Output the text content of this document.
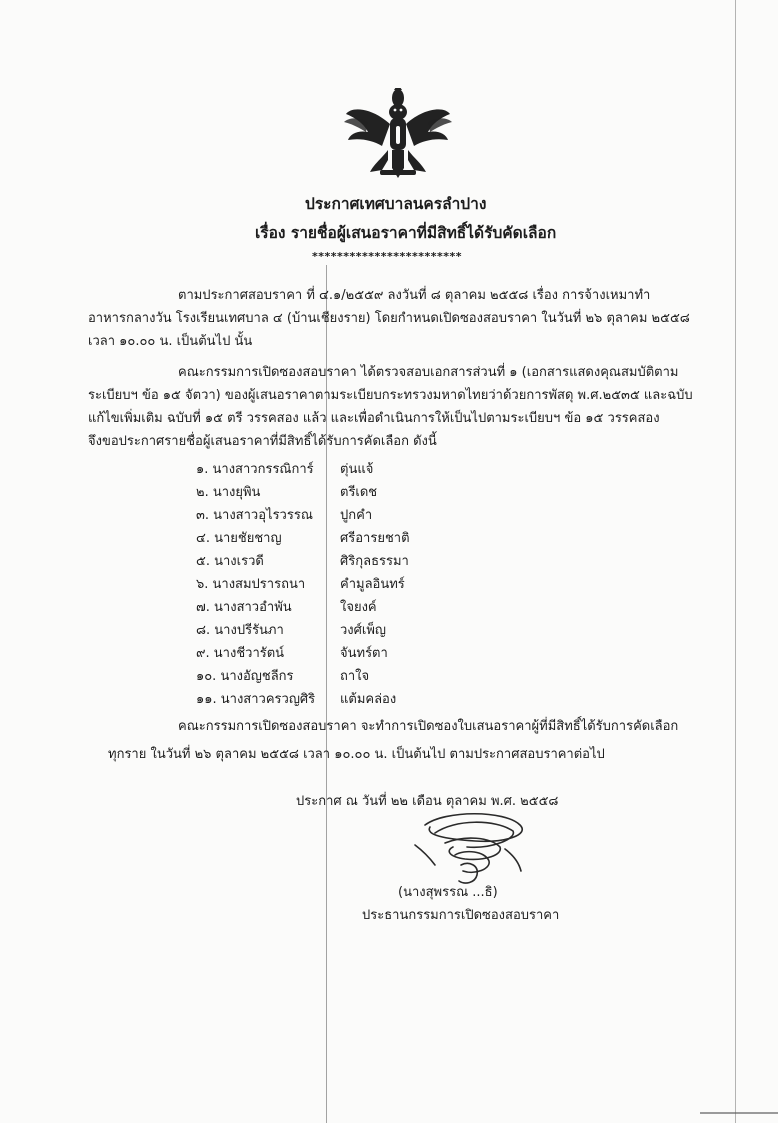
ประกาศเทศบาลนครลำปาง
เรื่อง รายชื่อผู้เสนอราคาที่มีสิทธิ์ได้รับคัดเลือก
************************
ตามประกาศสอบราคา ที่ ๔.๑/๒๕๕๙ ลงวันที่ ๘ ตุลาคม ๒๕๕๘ เรื่อง การจ้างเหมาทำ
อาหารกลางวัน โรงเรียนเทศบาล ๔ (บ้านเชียงราย) โดยกำหนดเปิดซองสอบราคา ในวันที่ ๒๖ ตุลาคม ๒๕๕๘
เวลา ๑๐.๐๐ น. เป็นต้นไป นั้น
คณะกรรมการเปิดซองสอบราคา ได้ตรวจสอบเอกสารส่วนที่ ๑ (เอกสารแสดงคุณสมบัติตาม
ระเบียบฯ ข้อ ๑๕ จัตวา) ของผู้เสนอราคาตามระเบียบกระทรวงมหาดไทยว่าด้วยการพัสดุ พ.ศ.๒๕๓๕ และฉบับ
แก้ไขเพิ่มเติม ฉบับที่ ๑๕ ตรี วรรคสอง แล้ว และเพื่อดำเนินการให้เป็นไปตามระเบียบฯ ข้อ ๑๕ วรรคสอง
จึงขอประกาศรายชื่อผู้เสนอราคาที่มีสิทธิ์ได้รับการคัดเลือก ดังนี้
๑. นางสาวกรรณิการ์ ตุ่นแจ้
๒. นางยุพิน	ตรีเดช
๓. นางสาวอุไรวรรณ ปูกคำ
๔. นายชัยชาญ	ศรีอารยชาติ
๕. นางเรวดี	ศิริกุลธรรมา
๖. นางสมปรารถนา	คำมูลอินทร์
๗. นางสาวอำพัน	ใจยงค์
๘. นางปรีรันภา	วงศ์เพ็ญ
๙. นางชีวารัตน์	จันทร์ตา
๑๐. นางอัญชลีกร	ถาใจ
๑๑. นางสาวครวญศิริ แต้มคล่อง
คณะกรรมการเปิดซองสอบราคา จะทำการเปิดซองใบเสนอราคาผู้ที่มีสิทธิ์ได้รับการคัดเลือก
ทุกราย ในวันที่ ๒๖ ตุลาคม ๒๕๕๘ เวลา ๑๐.๐๐ น. เป็นต้นไป ตามประกาศสอบราคาต่อไป
ประกาศ ณ วันที่ ๒๒ เดือน ตุลาคม พ.ศ. ๒๕๕๘
(นางสุพรรณ ...ธิ)
ประธานกรรมการเปิดซองสอบราคา
